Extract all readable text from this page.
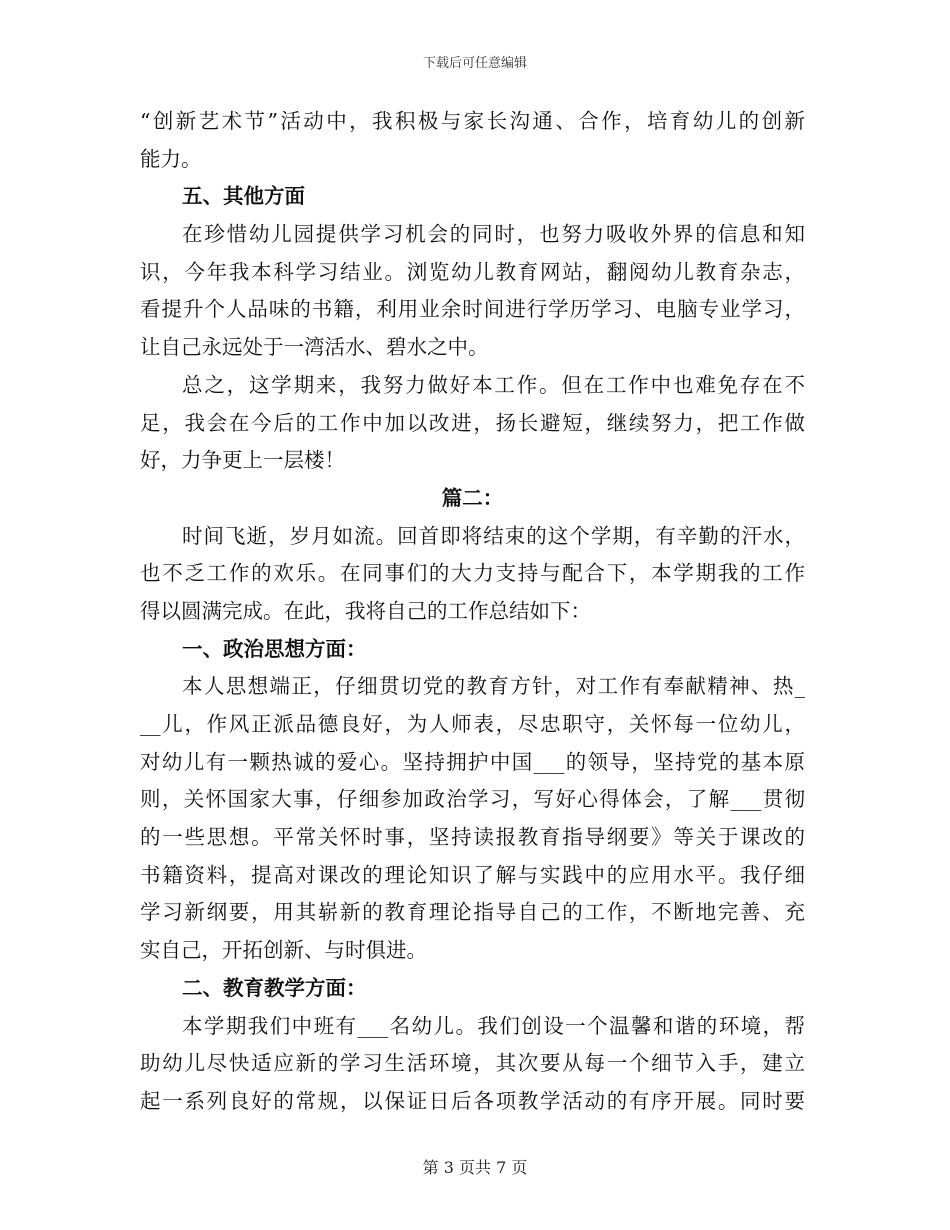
下载后可任意编辑
“创新艺术节”活动中，我积极与家长沟通、合作，培育幼儿的创新
能力。
五、其他方面
在珍惜幼儿园提供学习机会的同时，也努力吸收外界的信息和知
识，今年我本科学习结业。浏览幼儿教育网站，翻阅幼儿教育杂志，
看提升个人品味的书籍，利用业余时间进行学历学习、电脑专业学习，
让自己永远处于一湾活水、碧水之中。
总之，这学期来，我努力做好本工作。但在工作中也难免存在不
足，我会在今后的工作中加以改进，扬长避短，继续努力，把工作做
好，力争更上一层楼！
篇二：
时间飞逝，岁月如流。回首即将结束的这个学期，有辛勤的汗水，
也不乏工作的欢乐。在同事们的大力支持与配合下，本学期我的工作
得以圆满完成。在此，我将自己的工作总结如下：
一、政治思想方面：
本人思想端正，仔细贯切党的教育方针，对工作有奉献精神、热_
__儿，作风正派品德良好，为人师表，尽忠职守，关怀每一位幼儿，
对幼儿有一颗热诚的爱心。坚持拥护中国___的领导，坚持党的基本原
则，关怀国家大事，仔细参加政治学习，写好心得体会，了解___贯彻
的一些思想。平常关怀时事，坚持读报教育指导纲要》等关于课改的
书籍资料，提高对课改的理论知识了解与实践中的应用水平。我仔细
学习新纲要，用其崭新的教育理论指导自己的工作，不断地完善、充
实自己，开拓创新、与时俱进。
二、教育教学方面：
本学期我们中班有___名幼儿。我们创设一个温馨和谐的环境，帮
助幼儿尽快适应新的学习生活环境，其次要从每一个细节入手，建立
起一系列良好的常规，以保证日后各项教学活动的有序开展。同时要
第 3 页共 7 页
